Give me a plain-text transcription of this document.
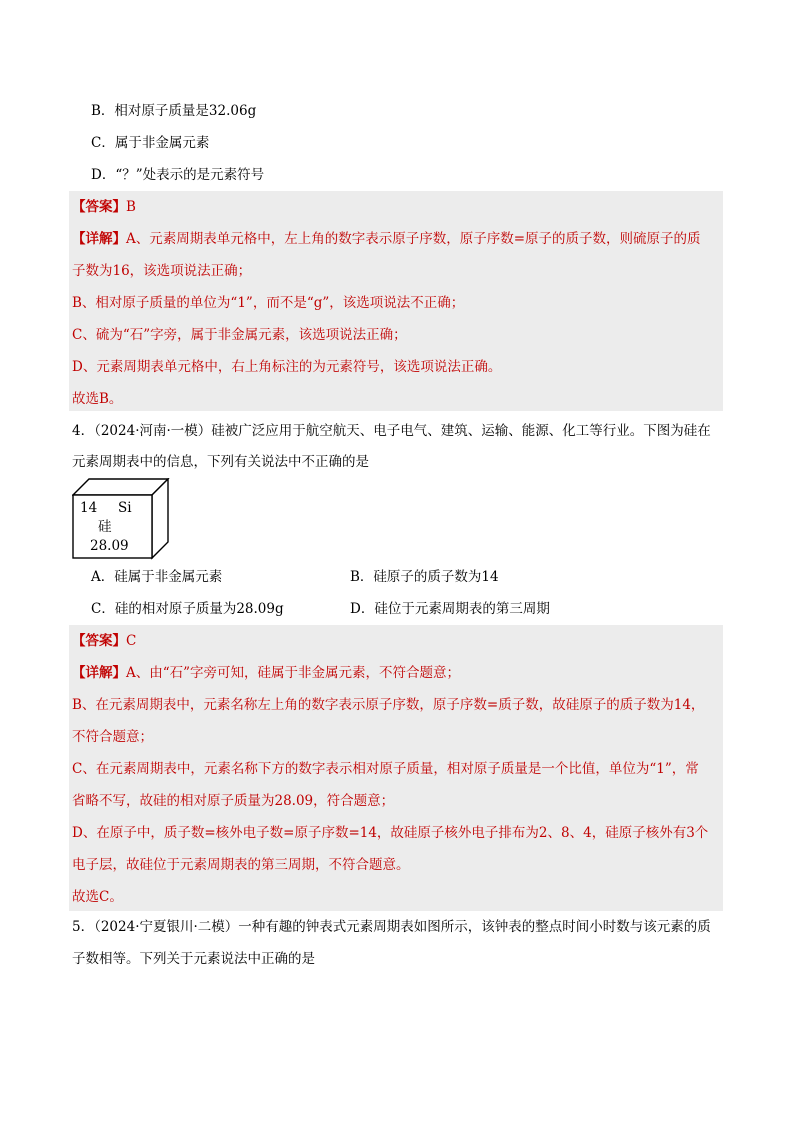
B．相对原子质量是32.06g
C．属于非金属元素
D．“？”处表示的是元素符号
【答案】B
【详解】A、元素周期表单元格中，左上角的数字表示原子序数，原子序数=原子的质子数，则硫原子的质
子数为16，该选项说法正确；
B、相对原子质量的单位为“1”，而不是“g”，该选项说法不正确；
C、硫为“石”字旁，属于非金属元素，该选项说法正确；
D、元素周期表单元格中，右上角标注的为元素符号，该选项说法正确。
故选B。
4．（2024·河南·一模）硅被广泛应用于航空航天、电子电气、建筑、运输、能源、化工等行业。下图为硅在
元素周期表中的信息，下列有关说法中不正确的是
14 Si
硅
28.09
A．硅属于非金属元素	B．硅原子的质子数为14
C．硅的相对原子质量为28.09g	D．硅位于元素周期表的第三周期
【答案】C
【详解】A、由“石”字旁可知，硅属于非金属元素，不符合题意；
B、在元素周期表中，元素名称左上角的数字表示原子序数，原子序数=质子数，故硅原子的质子数为14，
不符合题意；
C、在元素周期表中，元素名称下方的数字表示相对原子质量，相对原子质量是一个比值，单位为“1”，常
省略不写，故硅的相对原子质量为28.09，符合题意；
D、在原子中，质子数=核外电子数=原子序数=14，故硅原子核外电子排布为2、8、4，硅原子核外有3个
电子层，故硅位于元素周期表的第三周期，不符合题意。
故选C。
5．（2024·宁夏银川·二模）一种有趣的钟表式元素周期表如图所示，该钟表的整点时间小时数与该元素的质
子数相等。下列关于元素说法中正确的是
